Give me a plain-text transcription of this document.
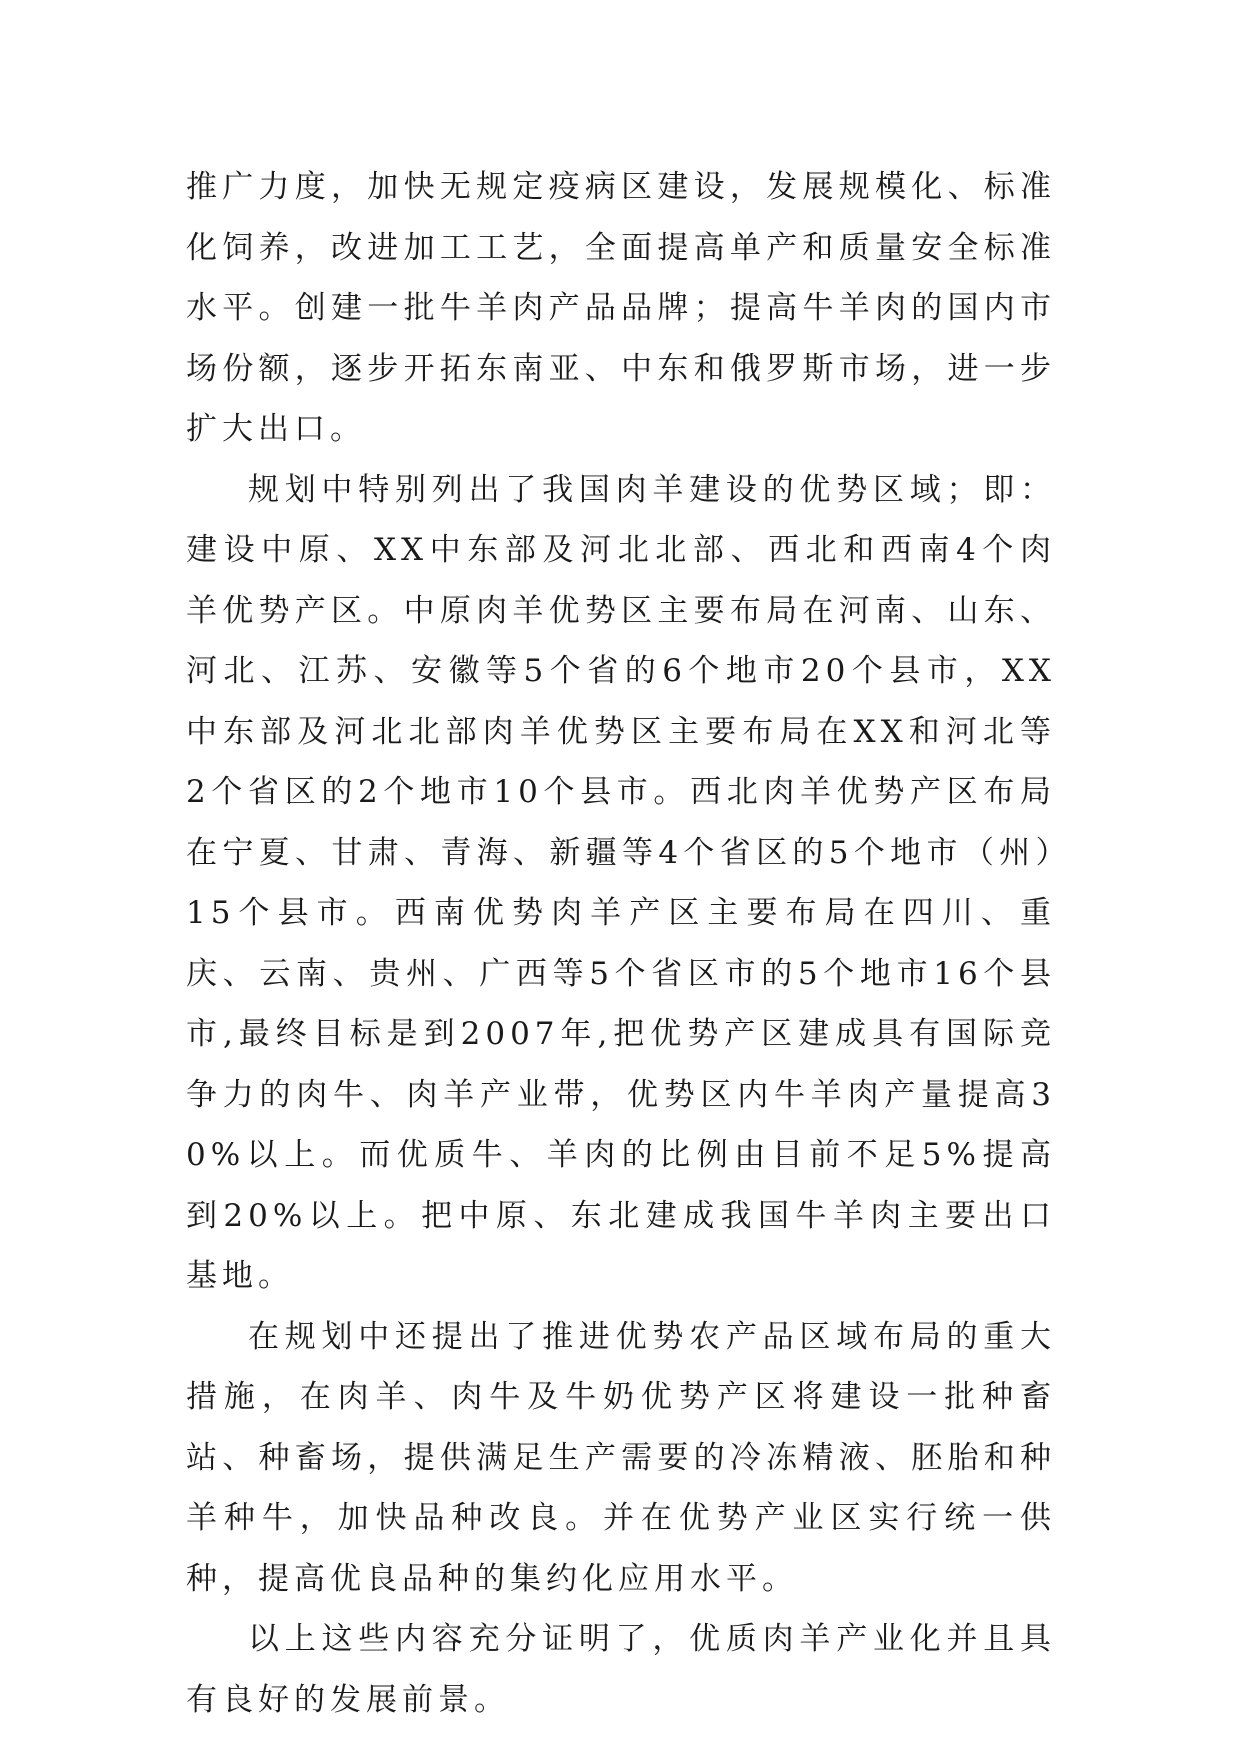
推广力度，加快无规定疫病区建设，发展规模化、标准化饲养，改进加工工艺，全面提高单产和质量安全标准水平。创建一批牛羊肉产品品牌；提高牛羊肉的国内市场份额，逐步开拓东南亚、中东和俄罗斯市场，进一步扩大出口。

规划中特别列出了我国肉羊建设的优势区域；即：建设中原、XX中东部及河北北部、西北和西南4个肉羊优势产区。中原肉羊优势区主要布局在河南、山东、河北、江苏、安徽等5个省的6个地市20个县市，XX中东部及河北北部肉羊优势区主要布局在XX和河北等2个省区的2个地市10个县市。西北肉羊优势产区布局在宁夏、甘肃、青海、新疆等4个省区的5个地市（州）15个县市。西南优势肉羊产区主要布局在四川、重庆、云南、贵州、广西等5个省区市的5个地市16个县市,最终目标是到2007年,把优势产区建成具有国际竞争力的肉牛、肉羊产业带，优势区内牛羊肉产量提高30%以上。而优质牛、羊肉的比例由目前不足5%提高到20%以上。把中原、东北建成我国牛羊肉主要出口基地。

在规划中还提出了推进优势农产品区域布局的重大措施，在肉羊、肉牛及牛奶优势产区将建设一批种畜站、种畜场，提供满足生产需要的冷冻精液、胚胎和种羊种牛，加快品种改良。并在优势产业区实行统一供种，提高优良品种的集约化应用水平。

以上这些内容充分证明了，优质肉羊产业化并且具有良好的发展前景。
